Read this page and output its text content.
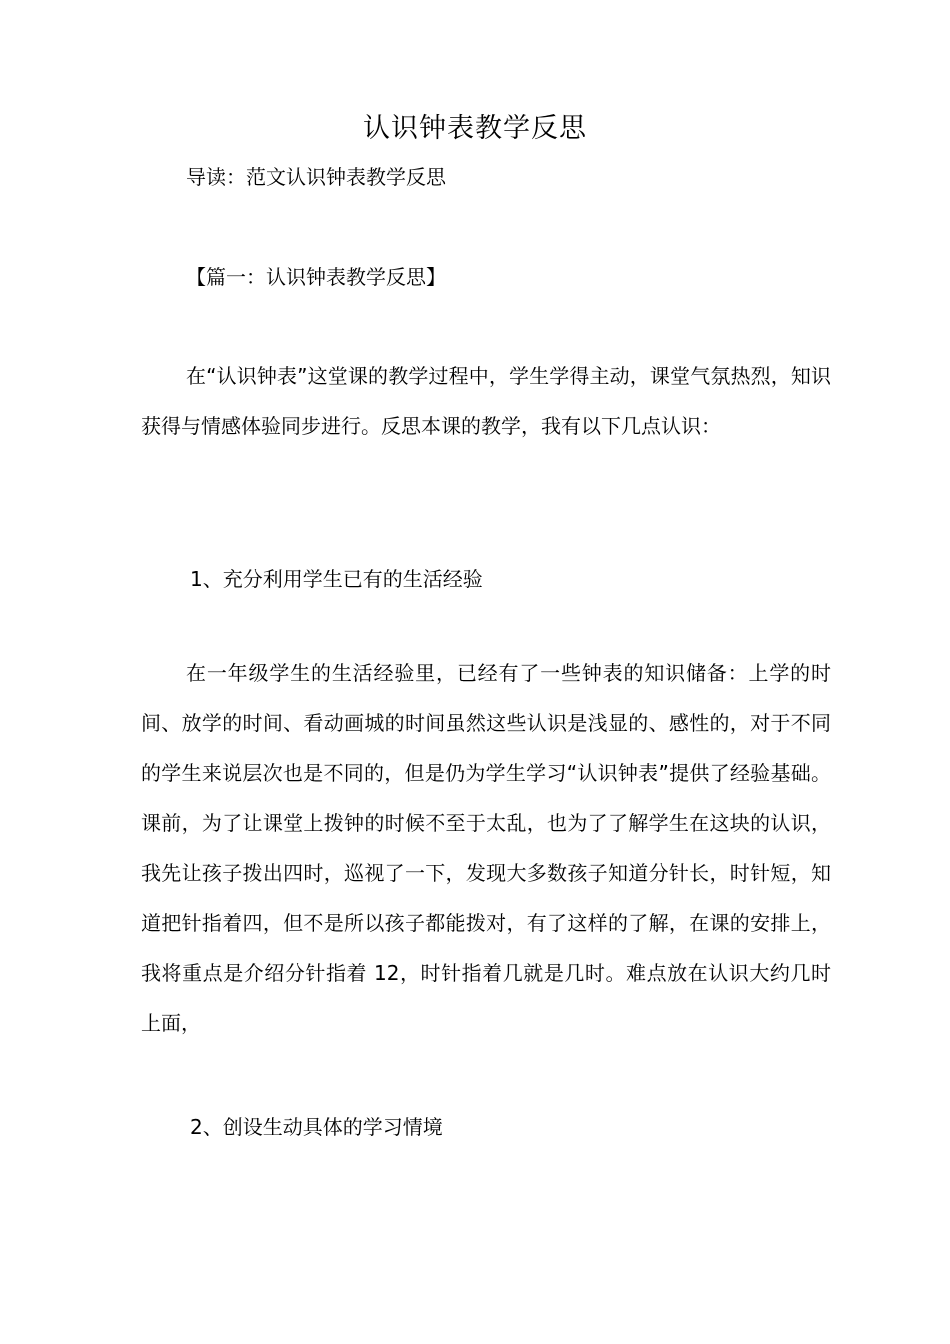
认识钟表教学反思
导读：范文认识钟表教学反思
【篇一：认识钟表教学反思】

在“认识钟表”这堂课的教学过程中，学生学得主动，课堂气氛热烈，知识获得与情感体验同步进行。反思本课的教学，我有以下几点认识：

1、充分利用学生已有的生活经验

在一年级学生的生活经验里，已经有了一些钟表的知识储备：上学的时间、放学的时间、看动画城的时间虽然这些认识是浅显的、感性的，对于不同的学生来说层次也是不同的，但是仍为学生学习“认识钟表”提供了经验基础。课前，为了让课堂上拨钟的时候不至于太乱，也为了了解学生在这块的认识，我先让孩子拨出四时，巡视了一下，发现大多数孩子知道分针长，时针短，知道把针指着四，但不是所以孩子都能拨对，有了这样的了解，在课的安排上，我将重点是介绍分针指着 12，时针指着几就是几时。难点放在认识大约几时上面，

2、创设生动具体的学习情境
